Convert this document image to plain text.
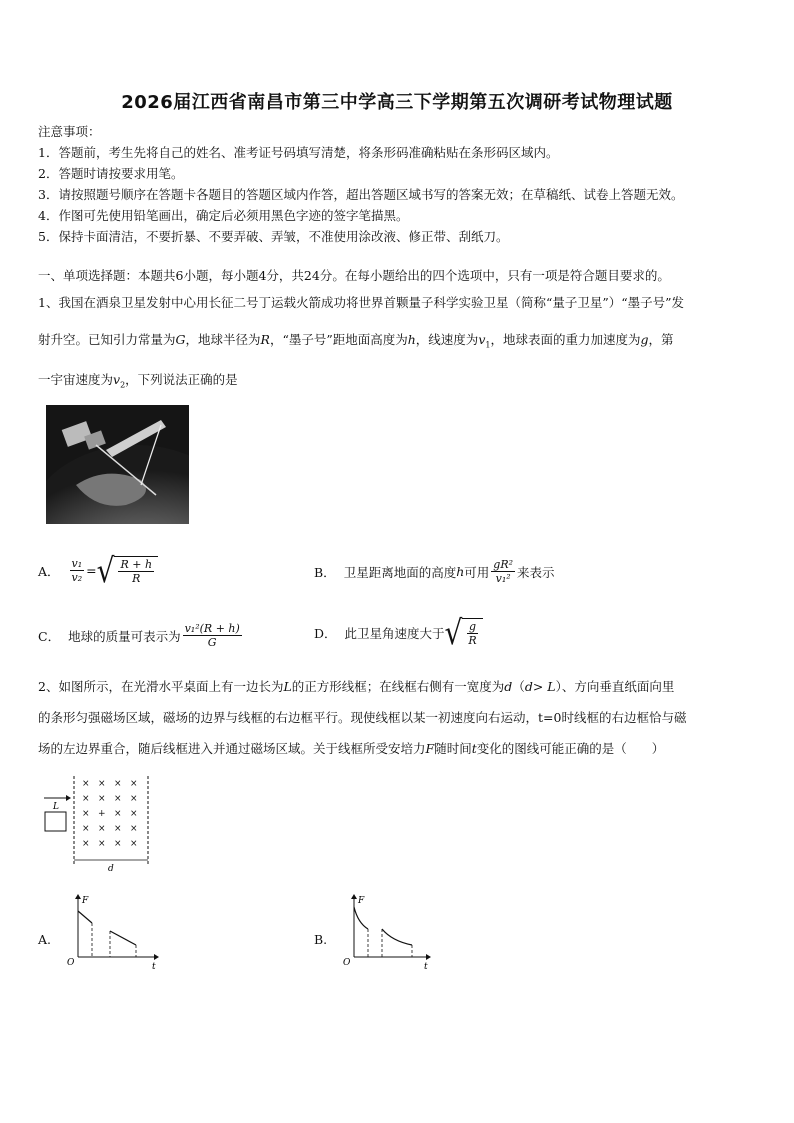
2026届江西省南昌市第三中学高三下学期第五次调研考试物理试题
注意事项：
1．答题前，考生先将自己的姓名、准考证号码填写清楚，将条形码准确粘贴在条形码区域内。
2．答题时请按要求用笔。
3．请按照题号顺序在答题卡各题目的答题区域内作答，超出答题区域书写的答案无效；在草稿纸、试卷上答题无效。
4．作图可先使用铅笔画出，确定后必须用黑色字迹的签字笔描黑。
5．保持卡面清洁，不要折暴、不要弄破、弄皱，不准使用涂改液、修正带、刮纸刀。
一、单项选择题：本题共6小题，每小题4分，共24分。在每小题给出的四个选项中，只有一项是符合题目要求的。
1、我国在酒泉卫星发射中心用长征二号丁运载火箭成功将世界首颗量子科学实验卫星（简称“量子卫星”）“墨子号”发
射升空。已知引力常量为G，地球半径为R，“墨子号”距地面高度为h，线速度为$v_1$，地球表面的重力加速度为g，第
一宇宙速度为$v_2$，下列说法正确的是
A． $\frac{\text{v₁}}{\text{v₂}}$ = √ $\frac{R + h}{R}$	B． 卫星距离地面的高度 h 可用 $\frac{\text{gR²}}{\text{v₁²}}$ 来表示
C． 地球的质量可表示为 $\frac{\text{v₁²(R + h)}}{G}$	D． 此卫星角速度大于 √ $\frac{g}{R}$
2、如图所示，在光滑水平桌面上有一边长为L的正方形线框；在线框右侧有一宽度为d（d> L）、方向垂直纸面向里
的条形匀强磁场区域，磁场的边界与线框的右边框平行。现使线框以某一初速度向右运动，t=0时线框的右边框恰与磁
场的左边界重合，随后线框进入并通过磁场区域。关于线框所受安培力F随时间t变化的图线可能正确的是（　　）
L
× × × ×
× × × ×
× + × ×
× × × ×
× × × ×
d
A.
F
t
O
B.
F
t
O
